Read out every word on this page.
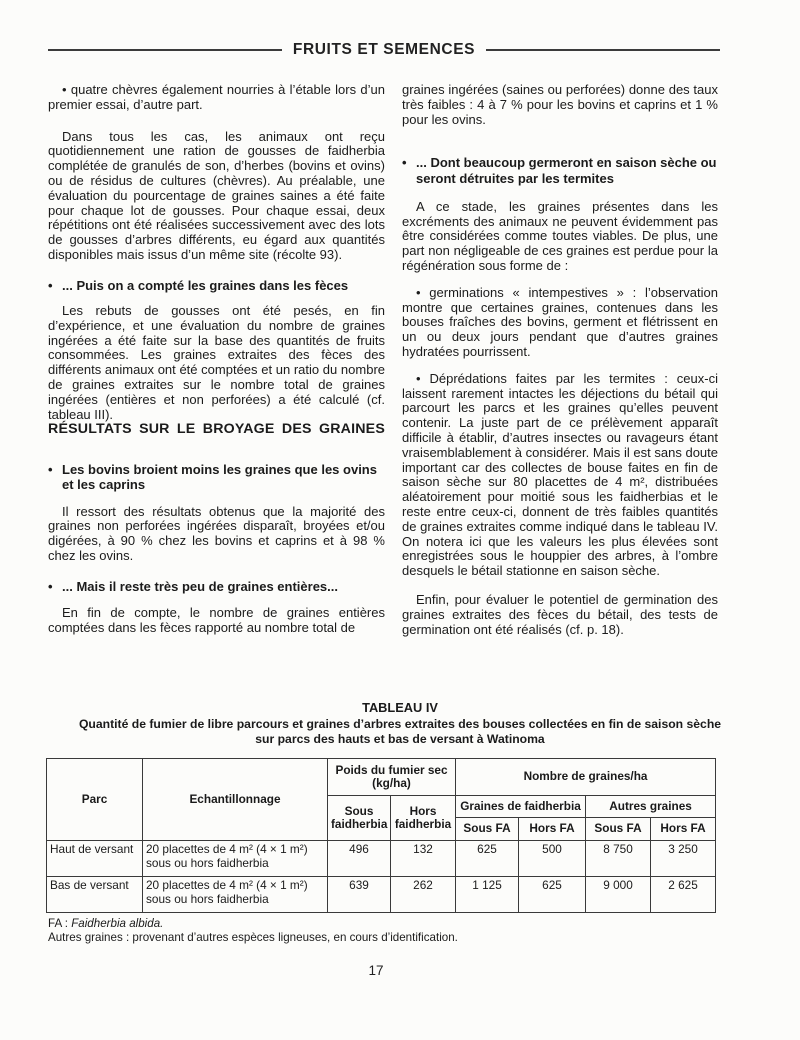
FRUITS ET SEMENCES

• quatre chèvres également nourries à l’étable lors d’un premier essai, d’autre part.

Dans tous les cas, les animaux ont reçu quotidiennement une ration de gousses de faidherbia complétée de granulés de son, d’herbes (bovins et ovins) ou de résidus de cultures (chèvres). Au préalable, une évaluation du pourcentage de graines saines a été faite pour chaque lot de gousses. Pour chaque essai, deux répétitions ont été réalisées successivement avec des lots de gousses d’arbres différents, eu égard aux quantités disponibles mais issus d’un même site (récolte 93).

• ... Puis on a compté les graines dans les fèces

Les rebuts de gousses ont été pesés, en fin d’expérience, et une évaluation du nombre de graines ingérées a été faite sur la base des quantités de fruits consommées. Les graines extraites des fèces des différents animaux ont été comptées et un ratio du nombre de graines extraites sur le nombre total de graines ingérées (entières et non perforées) a été calculé (cf. tableau III).

RÉSULTATS SUR LE BROYAGE DES GRAINES

• Les bovins broient moins les graines que les ovins et les caprins

Il ressort des résultats obtenus que la majorité des graines non perforées ingérées disparaît, broyées et/ou digérées, à 90 % chez les bovins et caprins et à 98 % chez les ovins.

• ... Mais il reste très peu de graines entières...

En fin de compte, le nombre de graines entières comptées dans les fèces rapporté au nombre total de

graines ingérées (saines ou perforées) donne des taux très faibles : 4 à 7 % pour les bovins et caprins et 1 % pour les ovins.

• ... Dont beaucoup germeront en saison sèche ou seront détruites par les termites

A ce stade, les graines présentes dans les excréments des animaux ne peuvent évidemment pas être considérées comme toutes viables. De plus, une part non négligeable de ces graines est perdue pour la régénération sous forme de :

• germinations « intempestives » : l’observation montre que certaines graines, contenues dans les bouses fraîches des bovins, germent et flétrissent en un ou deux jours pendant que d’autres graines hydratées pourrissent.

• Déprédations faites par les termites : ceux-ci laissent rarement intactes les déjections du bétail qui parcourt les parcs et les graines qu’elles peuvent contenir. La juste part de ce prélèvement apparaît difficile à établir, d’autres insectes ou ravageurs étant vraisemblablement à considérer. Mais il est sans doute important car des collectes de bouse faites en fin de saison sèche sur 80 placettes de 4 m², distribuées aléatoirement pour moitié sous les faidherbias et le reste entre ceux-ci, donnent de très faibles quantités de graines extraites comme indiqué dans le tableau IV. On notera ici que les valeurs les plus élevées sont enregistrées sous le houppier des arbres, à l’ombre desquels le bétail stationne en saison sèche.

Enfin, pour évaluer le potentiel de germination des graines extraites des fèces du bétail, des tests de germination ont été réalisés (cf. p. 18).

TABLEAU IV

Quantité de fumier de libre parcours et graines d’arbres extraites des bouses collectées en fin de saison sèche
sur parcs des hauts et bas de versant à Watinoma

Parc	Echantillonnage	Poids du fumier sec (kg/ha)		Nombre de graines/ha			
		Sous faidherbia	Hors faidherbia	Graines de faidherbia		Autres graines	
				Sous FA	Hors FA	Sous FA	Hors FA
Haut de versant	20 placettes de 4 m² (4 × 1 m²) sous ou hors faidherbia	496	132	625	500	8 750	3 250
Bas de versant	20 placettes de 4 m² (4 × 1 m²) sous ou hors faidherbia	639	262	1 125	625	9 000	2 625

FA : Faidherbia albida.

Autres graines : provenant d’autres espèces ligneuses, en cours d’identification.

17
